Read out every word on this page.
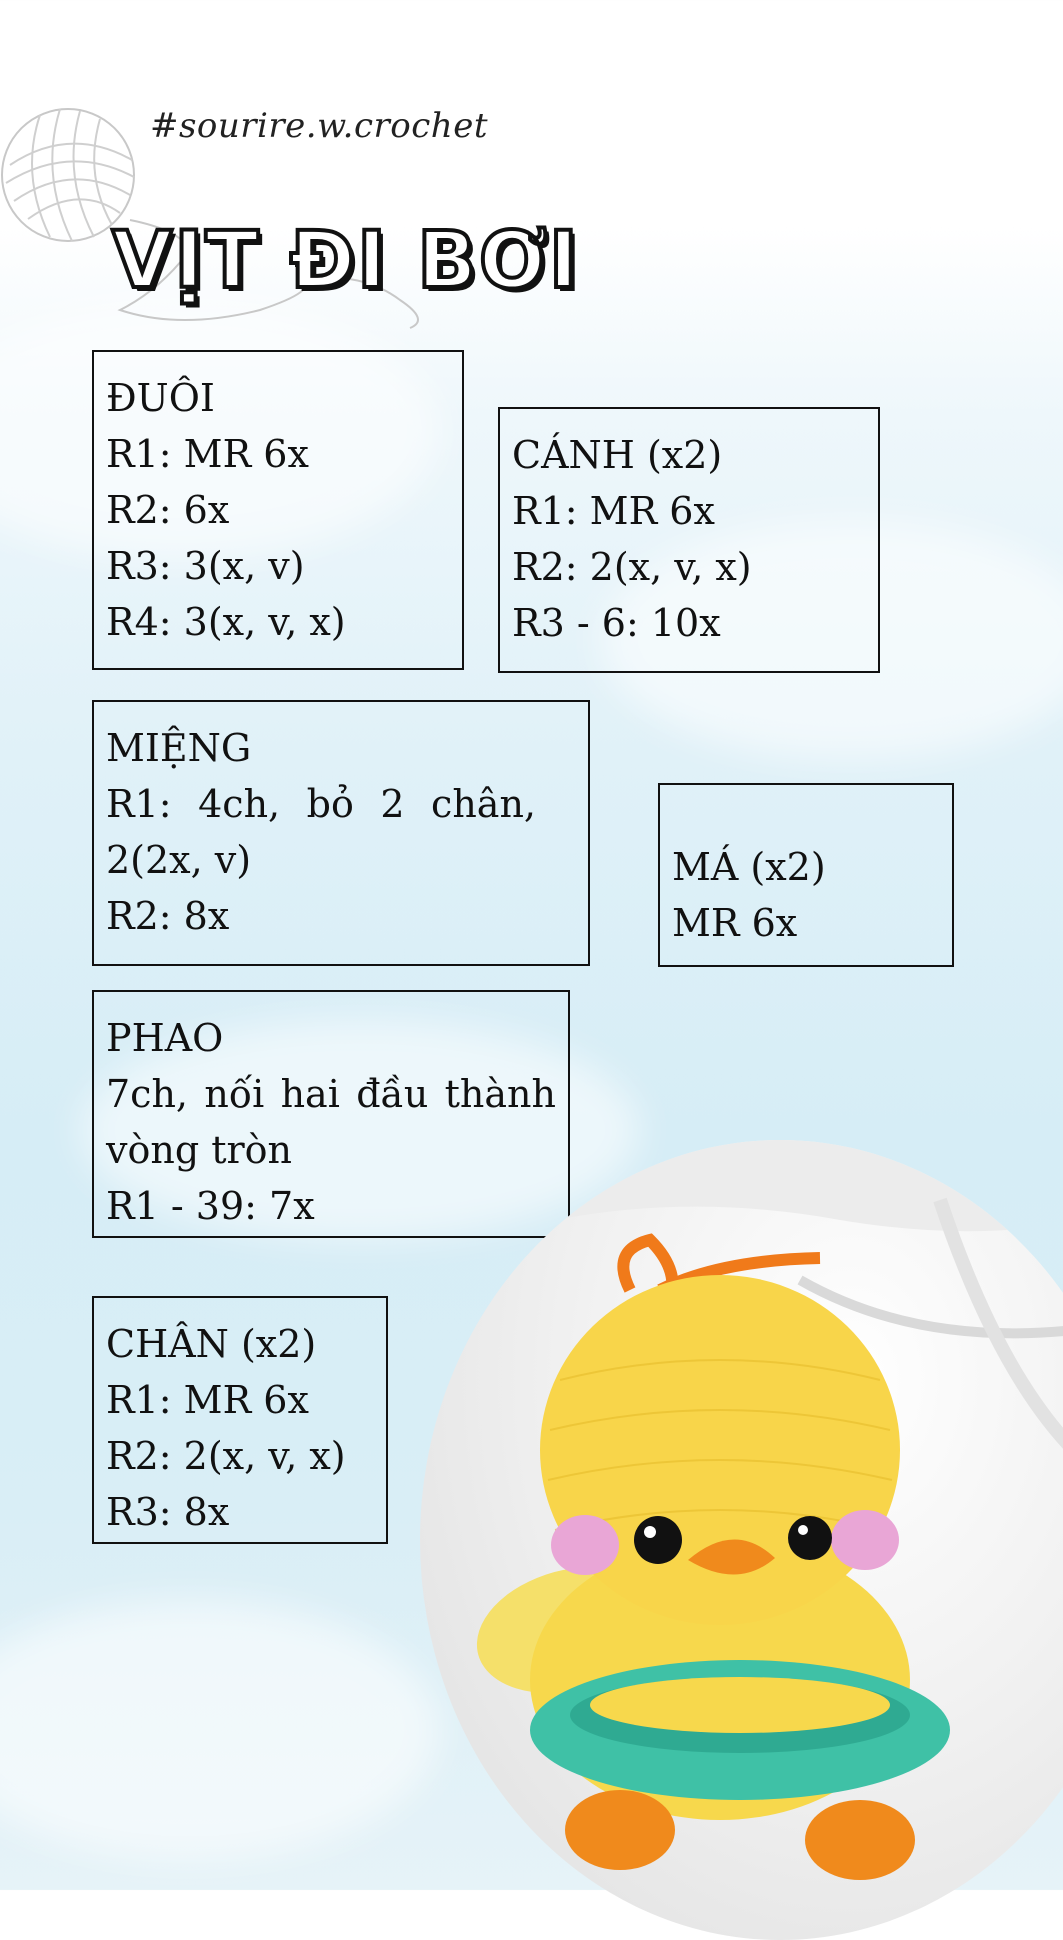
#sourire.w.crochet
VỊT ĐI BƠI
ĐUÔI
R1: MR 6x
R2: 6x
R3: 3(x, v)
R4: 3(x, v, x)
CÁNH (x2)
R1: MR 6x
R2: 2(x, v, x)
R3 - 6: 10x
MIỆNG
R1: 4ch, bỏ 2 chân, 2(2x, v)
R2: 8x
MÁ (x2)
MR 6x
PHAO
7ch, nối hai đầu thành vòng tròn
R1 - 39: 7x
CHÂN (x2)
R1: MR 6x
R2: 2(x, v, x)
R3: 8x
